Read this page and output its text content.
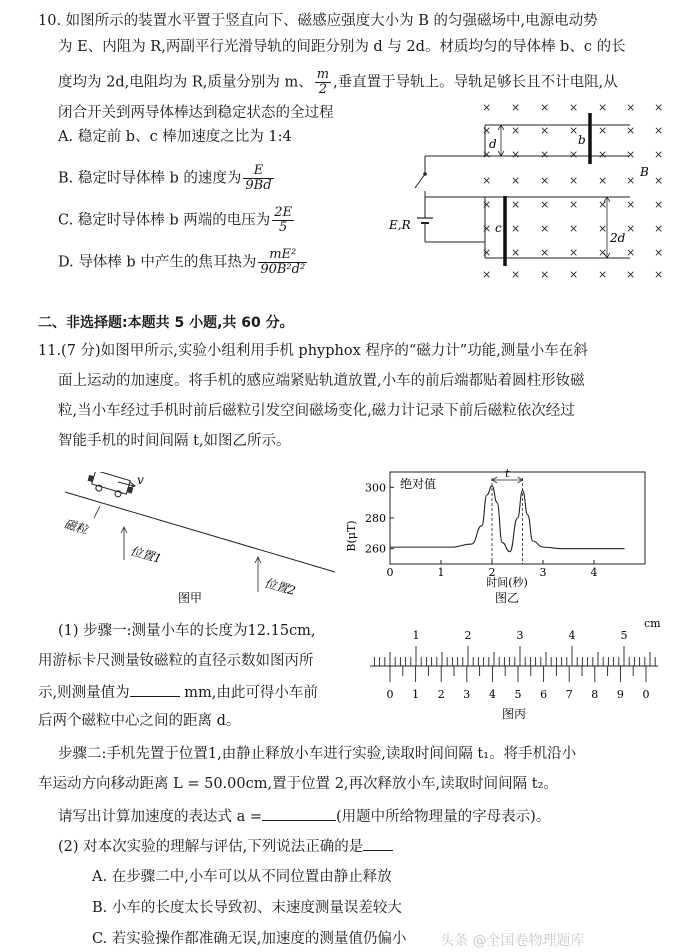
10. 如图所示的装置水平置于竖直向下、磁感应强度大小为 B 的匀强磁场中,电源电动势
为 E、内阻为 R,两副平行光滑导轨的间距分别为 d 与 2d。材质均匀的导体棒 b、c 的长
度均为 2d,电阻均为 R,质量分别为 m、 $\frac{m}{2}$ ,垂直置于导轨上。导轨足够长且不计电阻,从
闭合开关到两导体棒达到稳定状态的全过程
A. 稳定前 b、c 棒加速度之比为 1:4
B. 稳定时导体棒 b 的速度为 $\frac{E}{9Bd}$
C. 稳定时导体棒 b 两端的电压为 $\frac{2E}{5}$
D. 导体棒 b 中产生的焦耳热为 $\frac{\text{mE²}}{\text{90B²d²}}$
× × × × × × ×
× × × × × × ×
× × × × × × ×
× × × × × × ×
× × × × × × ×
× × × × × × ×
× × × × × × ×
× × × × × × ×
d
2d
b
c
B
E,R
二、非选择题:本题共 5 小题,共 60 分。
11.(7 分)如图甲所示,实验小组利用手机 phyphox 程序的“磁力计”功能,测量小车在斜
面上运动的加速度。将手机的感应端紧贴轨道放置,小车的前后端都贴着圆柱形钕磁
粒,当小车经过手机时前后磁粒引发空间磁场变化,磁力计记录下前后磁粒依次经过
智能手机的时间间隔 t,如图乙所示。
v
磁粒
位置1
位置2
图甲
绝对值
B(μT)
时间(秒)
图乙
0	1	2	3	4
260
280
300
t
(1) 步骤一:测量小车的长度为12.15cm,
用游标卡尺测量钕磁粒的直径示数如图丙所
示,则测量值为	mm,由此可得小车前
后两个磁粒中心之间的距离 d。
cm
1	2	3	4	5
0 1 2 3 4 5 6 7 8 9 0
图丙
步骤二:手机先置于位置1,由静止释放小车进行实验,读取时间间隔 t₁。将手机沿小
车运动方向移动距离 L = 50.00cm,置于位置 2,再次释放小车,读取时间间隔 t₂。
请写出计算加速度的表达式 a =	(用题中所给物理量的字母表示)。
(2) 对本次实验的理解与评估,下列说法正确的是
A. 在步骤二中,小车可以从不同位置由静止释放
B. 小车的长度太长导致初、末速度测量误差较大
C. 若实验操作都准确无误,加速度的测量值仍偏小 头条 @全国卷物理题库
